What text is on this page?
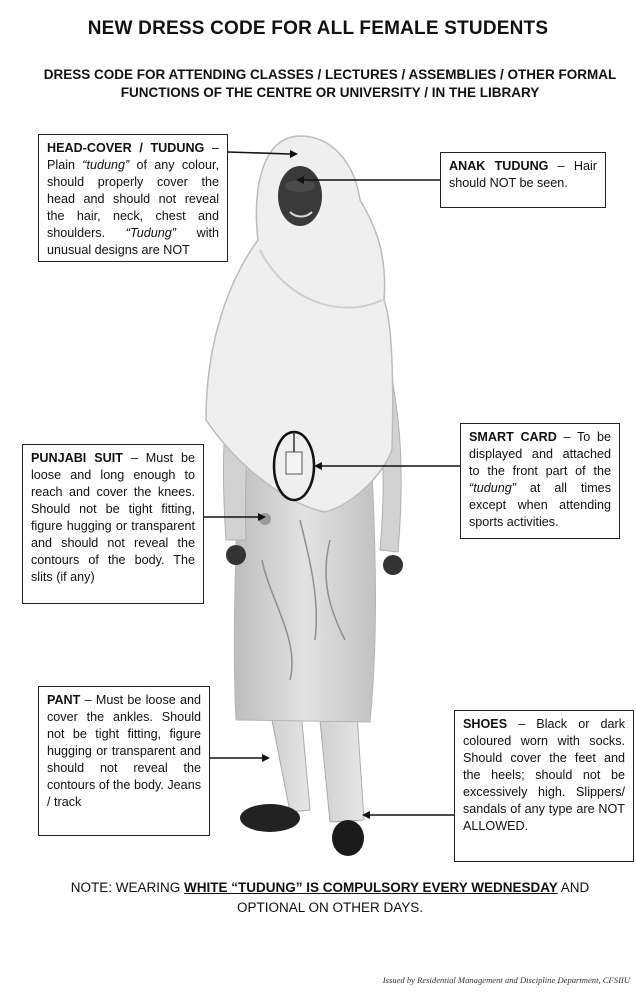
NEW DRESS CODE FOR ALL FEMALE STUDENTS
DRESS CODE FOR ATTENDING CLASSES / LECTURES / ASSEMBLIES / OTHER FORMAL
FUNCTIONS OF THE CENTRE OR UNIVERSITY / IN THE LIBRARY
HEAD-COVER / TUDUNG – Plain “tudung” of any colour, should properly cover the head and should not reveal the hair, neck, chest and shoulders. “Tudung” with unusual designs are NOT
ANAK TUDUNG – Hair should NOT be seen.
PUNJABI SUIT – Must be loose and long enough to reach and cover the knees. Should not be tight fitting, figure hugging or transparent and should not reveal the contours of the body. The slits (if any)
SMART CARD – To be displayed and attached to the front part of the “tudung” at all times except when attending sports activities.
PANT – Must be loose and cover the ankles. Should not be tight fitting, figure hugging or transparent and should not reveal the contours of the body. Jeans / track
SHOES – Black or dark coloured worn with socks. Should cover the feet and the heels; should not be excessively high. Slippers/ sandals of any type are NOT ALLOWED.
NOTE: WEARING WHITE “TUDUNG” IS COMPULSORY EVERY WEDNESDAY AND
OPTIONAL ON OTHER DAYS.
Issued by Residential Management and Discipline Department, CFSIIU
